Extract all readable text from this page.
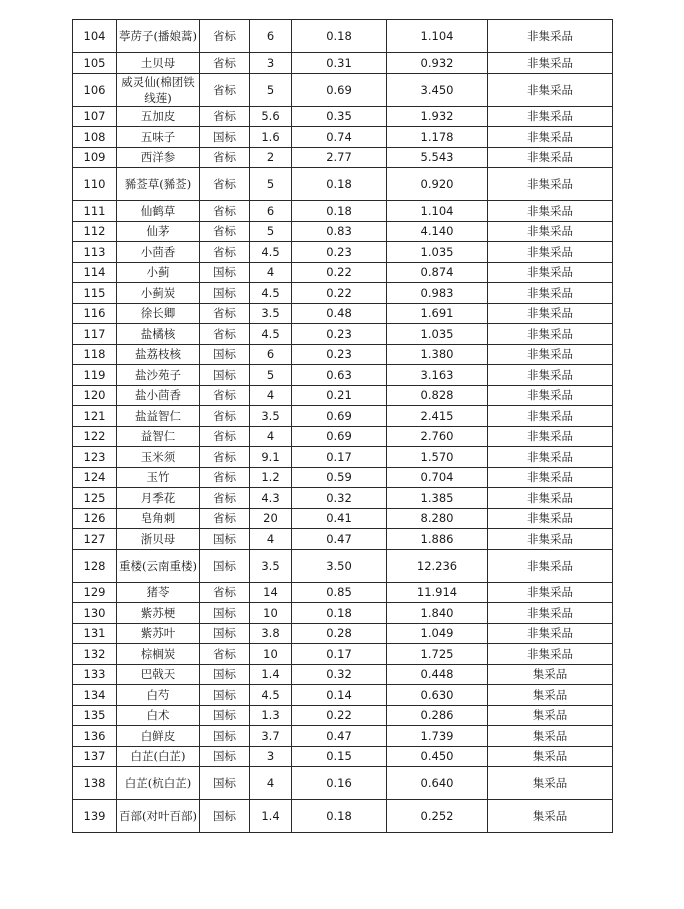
104	葶苈子(播娘蒿)	省标	6	0.18	1.104	非集采品
105	土贝母	省标	3	0.31	0.932	非集采品
106	威灵仙(棉团铁线莲)	省标	5	0.69	3.450	非集采品
107	五加皮	省标	5.6	0.35	1.932	非集采品
108	五味子	国标	1.6	0.74	1.178	非集采品
109	西洋参	省标	2	2.77	5.543	非集采品
110	豨莶草(豨莶)	省标	5	0.18	0.920	非集采品
111	仙鹤草	省标	6	0.18	1.104	非集采品
112	仙茅	省标	5	0.83	4.140	非集采品
113	小茴香	省标	4.5	0.23	1.035	非集采品
114	小蓟	国标	4	0.22	0.874	非集采品
115	小蓟炭	国标	4.5	0.22	0.983	非集采品
116	徐长卿	省标	3.5	0.48	1.691	非集采品
117	盐橘核	省标	4.5	0.23	1.035	非集采品
118	盐荔枝核	国标	6	0.23	1.380	非集采品
119	盐沙苑子	国标	5	0.63	3.163	非集采品
120	盐小茴香	省标	4	0.21	0.828	非集采品
121	盐益智仁	省标	3.5	0.69	2.415	非集采品
122	益智仁	省标	4	0.69	2.760	非集采品
123	玉米须	省标	9.1	0.17	1.570	非集采品
124	玉竹	省标	1.2	0.59	0.704	非集采品
125	月季花	省标	4.3	0.32	1.385	非集采品
126	皂角刺	省标	20	0.41	8.280	非集采品
127	浙贝母	国标	4	0.47	1.886	非集采品
128	重楼(云南重楼)	国标	3.5	3.50	12.236	非集采品
129	猪苓	省标	14	0.85	11.914	非集采品
130	紫苏梗	国标	10	0.18	1.840	非集采品
131	紫苏叶	国标	3.8	0.28	1.049	非集采品
132	棕榈炭	省标	10	0.17	1.725	非集采品
133	巴戟天	国标	1.4	0.32	0.448	集采品
134	白芍	国标	4.5	0.14	0.630	集采品
135	白术	国标	1.3	0.22	0.286	集采品
136	白鲜皮	国标	3.7	0.47	1.739	集采品
137	白芷(白芷)	国标	3	0.15	0.450	集采品
138	白芷(杭白芷)	国标	4	0.16	0.640	集采品
139	百部(对叶百部)	国标	1.4	0.18	0.252	集采品
